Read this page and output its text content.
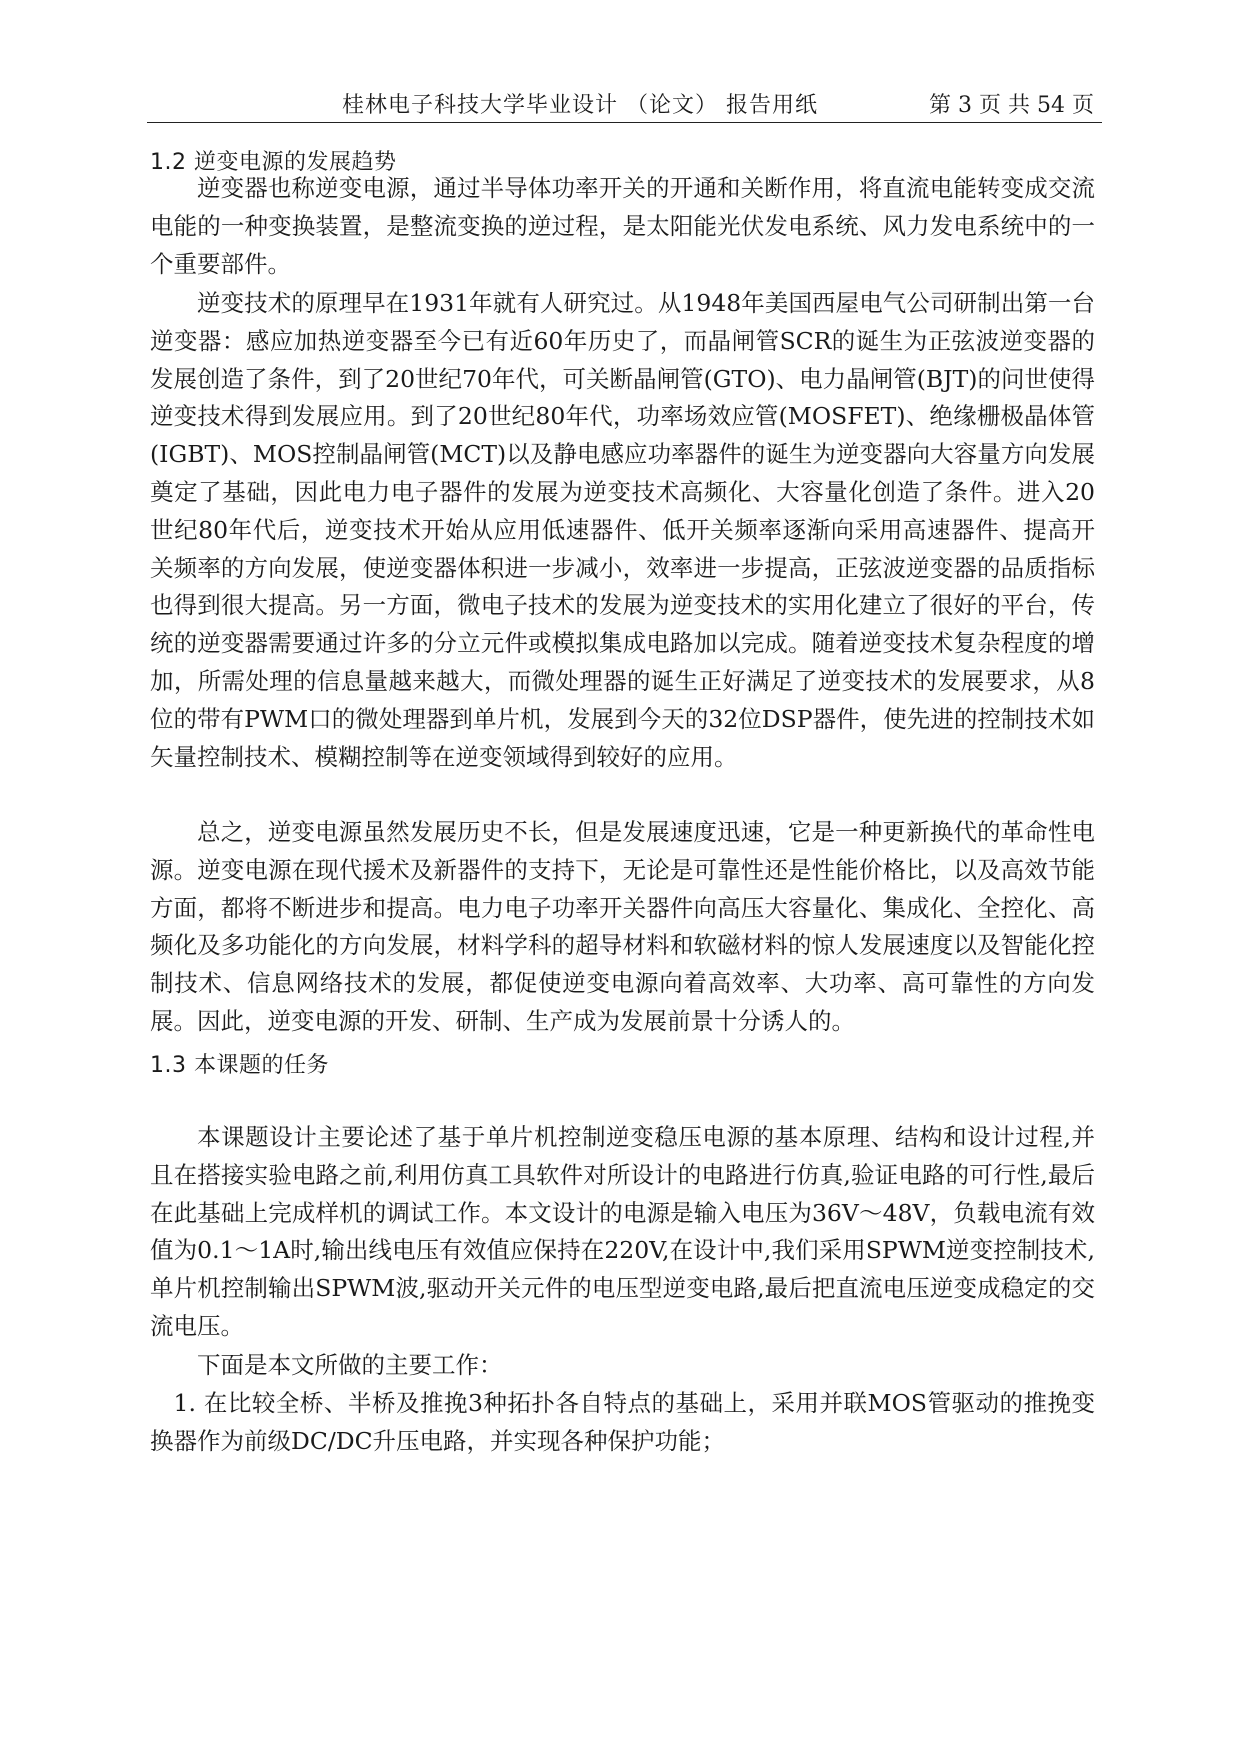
桂林电子科技大学毕业设计 （论文） 报告用纸	第 3 页 共 54 页
1.2 逆变电源的发展趋势

逆变器也称逆变电源，通过半导体功率开关的开通和关断作用，将直流电能转变成交流电能的一种变换装置，是整流变换的逆过程，是太阳能光伏发电系统、风力发电系统中的一个重要部件。

逆变技术的原理早在1931年就有人研究过。从1948年美国西屋电气公司研制出第一台逆变器：感应加热逆变器至今已有近60年历史了，而晶闸管SCR的诞生为正弦波逆变器的发展创造了条件，到了20世纪70年代，可关断晶闸管(GTO)、电力晶闸管(BJT)的问世使得逆变技术得到发展应用。到了20世纪80年代，功率场效应管(MOSFET)、绝缘栅极晶体管(IGBT)、MOS控制晶闸管(MCT)以及静电感应功率器件的诞生为逆变器向大容量方向发展奠定了基础，因此电力电子器件的发展为逆变技术高频化、大容量化创造了条件。进入20世纪80年代后，逆变技术开始从应用低速器件、低开关频率逐渐向采用高速器件、提高开关频率的方向发展，使逆变器体积进一步减小，效率进一步提高，正弦波逆变器的品质指标也得到很大提高。另一方面，微电子技术的发展为逆变技术的实用化建立了很好的平台，传统的逆变器需要通过许多的分立元件或模拟集成电路加以完成。随着逆变技术复杂程度的增加，所需处理的信息量越来越大，而微处理器的诞生正好满足了逆变技术的发展要求，从8位的带有PWM口的微处理器到单片机，发展到今天的32位DSP器件，使先进的控制技术如矢量控制技术、模糊控制等在逆变领域得到较好的应用。

总之，逆变电源虽然发展历史不长，但是发展速度迅速，它是一种更新换代的革命性电源。逆变电源在现代援术及新器件的支持下，无论是可靠性还是性能价格比，以及高效节能方面，都将不断进步和提高。电力电子功率开关器件向高压大容量化、集成化、全控化、高频化及多功能化的方向发展，材料学科的超导材料和软磁材料的惊人发展速度以及智能化控制技术、信息网络技术的发展，都促使逆变电源向着高效率、大功率、高可靠性的方向发展。因此，逆变电源的开发、研制、生产成为发展前景十分诱人的。

1.3 本课题的任务

本课题设计主要论述了基于单片机控制逆变稳压电源的基本原理、结构和设计过程,并且在搭接实验电路之前,利用仿真工具软件对所设计的电路进行仿真,验证电路的可行性,最后在此基础上完成样机的调试工作。本文设计的电源是输入电压为36V～48V，负载电流有效值为0.1～1A时,输出线电压有效值应保持在220V,在设计中,我们采用SPWM逆变控制技术,单片机控制输出SPWM波,驱动开关元件的电压型逆变电路,最后把直流电压逆变成稳定的交流电压。

下面是本文所做的主要工作：

1. 在比较全桥、半桥及推挽3种拓扑各自特点的基础上，采用并联MOS管驱动的推挽变换器作为前级DC/DC升压电路，并实现各种保护功能；
